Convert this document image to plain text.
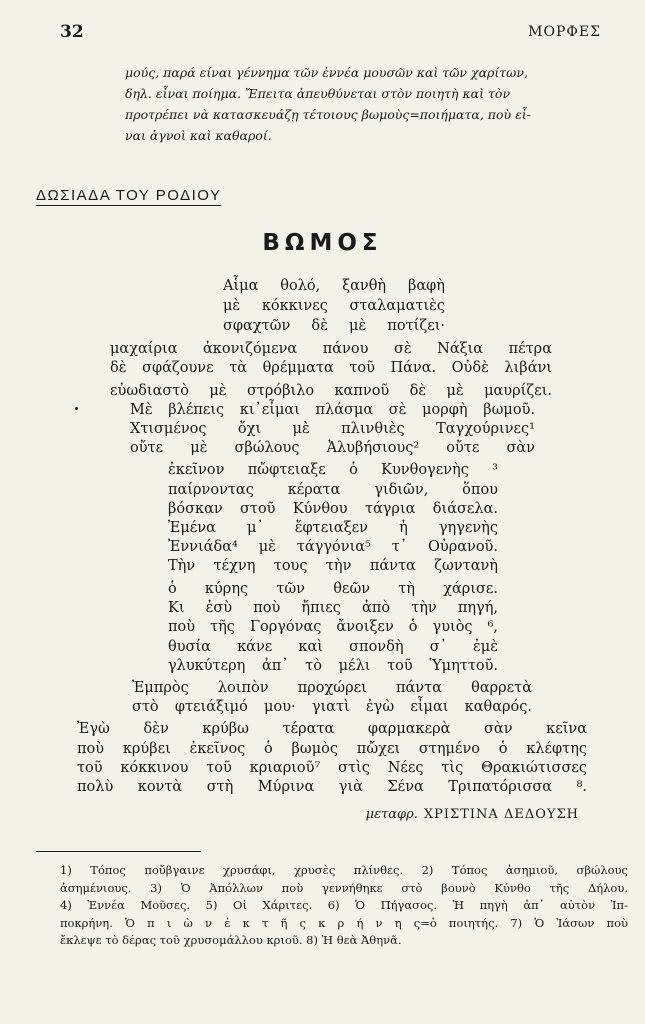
32	ΜΟΡΦΕΣ
μούς, παρά είναι γέννημα τῶν ἐννέα μουσῶν καὶ τῶν χαρίτων,
δηλ. εἶναι ποίημα. Ἔπειτα ἀπευθύνεται στὸν ποιητὴ καὶ τὸν
προτρέπει νὰ κατασκευάζῃ τέτοιους βωμοὺς=ποιήματα, ποὺ εἶ-
ναι ἁγνοὶ καὶ καθαροί.
ΔΩΣΙΑΔΑ ΤΟΥ ΡΟΔΙΟΥ
ΒΩΜΟΣ
Αἷμα θολό, ξανθὴ βαφὴ
μὲ κόκκινες σταλαματιὲς
σφαχτῶν δὲ μὲ ποτίζει·
μαχαίρια ἀκονιζόμενα πάνου σὲ Νάξια πέτρα
δὲ σφάζουνε τὰ θρέμματα τοῦ Πάνα. Οὐδὲ λιβάνι
εὐωδιαστὸ μὲ στρόβιλο καπνοῦ δὲ μὲ μαυρίζει.
Μὲ βλέπεις κι᾿εἶμαι πλάσμα σὲ μορφὴ βωμοῦ.
Χτισμένος ὄχι μὲ πλινθιὲς Ταγχούρινες¹
οὔτε μὲ σβώλους Ἀλυβήσιους² οὔτε σὰν
ἐκεῖνον πὤφτειαξε ὁ Κυνθογενὴς ³
παίρνοντας κέρατα γιδιῶν, ὅπου
βόσκαν στοῦ Κύνθου τάγρια διάσελα.
Ἐμένα μ᾿ ἔφτειαξεν ἡ γηγενὴς
Ἐννιάδα⁴ μὲ τάγγόνια⁵ τ᾿ Οὐρανοῦ.
Τὴν τέχνη τους τὴν πάντα ζωντανὴ
ὁ κύρης τῶν θεῶν τὴ χάρισε.
Κι ἐσὺ ποὺ ἤπιες ἀπὸ τὴν πηγή,
ποὺ τῆς Γοργόνας ἄνοιξεν ὁ γυιὸς ⁶,
θυσία κάνε καὶ σπονδὴ σ᾿ ἐμὲ
γλυκύτερη ἀπ᾿ τὸ μέλι τοῦ Ὑμηττοῦ.
Ἐμπρὸς λοιπὸν προχώρει πάντα θαρρετὰ
στὸ φτειάξιμό μου· γιατὶ ἐγὼ εἶμαι καθαρός.
Ἐγὼ δὲν κρύβω τέρατα φαρμακερὰ σὰν κεῖνα
ποὺ κρύβει ἐκεῖνος ὁ βωμὸς πὤχει στημένο ὁ κλέφτης
τοῦ κόκκινου τοῦ κριαριοῦ⁷ στὶς Νέες τὶς Θρακιώτισσες
πολὺ κοντὰ στὴ Μύρινα γιὰ Σένα Τριπατόρισσα ⁸.
μεταφρ. ΧΡΙΣΤΙΝΑ ΔΕΔΟΥΣΗ
1) Τόπος ποὔβγαινε χρυσάφι, χρυσὲς πλίνθες. 2) Τόπος ἀσημιοῦ, σβώλους
ἀσημένιους. 3) Ὁ Ἀπόλλων ποὺ γεννήθηκε στὸ βουνὸ Κύνθο τῆς Δήλου.
4) Ἐννέα Μοῦσες. 5) Οἱ Χάριτες. 6) Ὁ Πήγασος. Ἡ πηγὴ ἀπ᾿ αὐτὸν Ἱπ-
ποκρήνη. Ὁ π ι ὼ ν ἐ κ τ ῆ ς κ ρ ή ν η ς=ὁ ποιητής. 7) Ὁ Ἰάσων ποὺ
ἔκλεψε τὸ δέρας τοῦ χρυσομάλλου κριοῦ. 8) Ἡ θεὰ Ἀθηνᾶ.
